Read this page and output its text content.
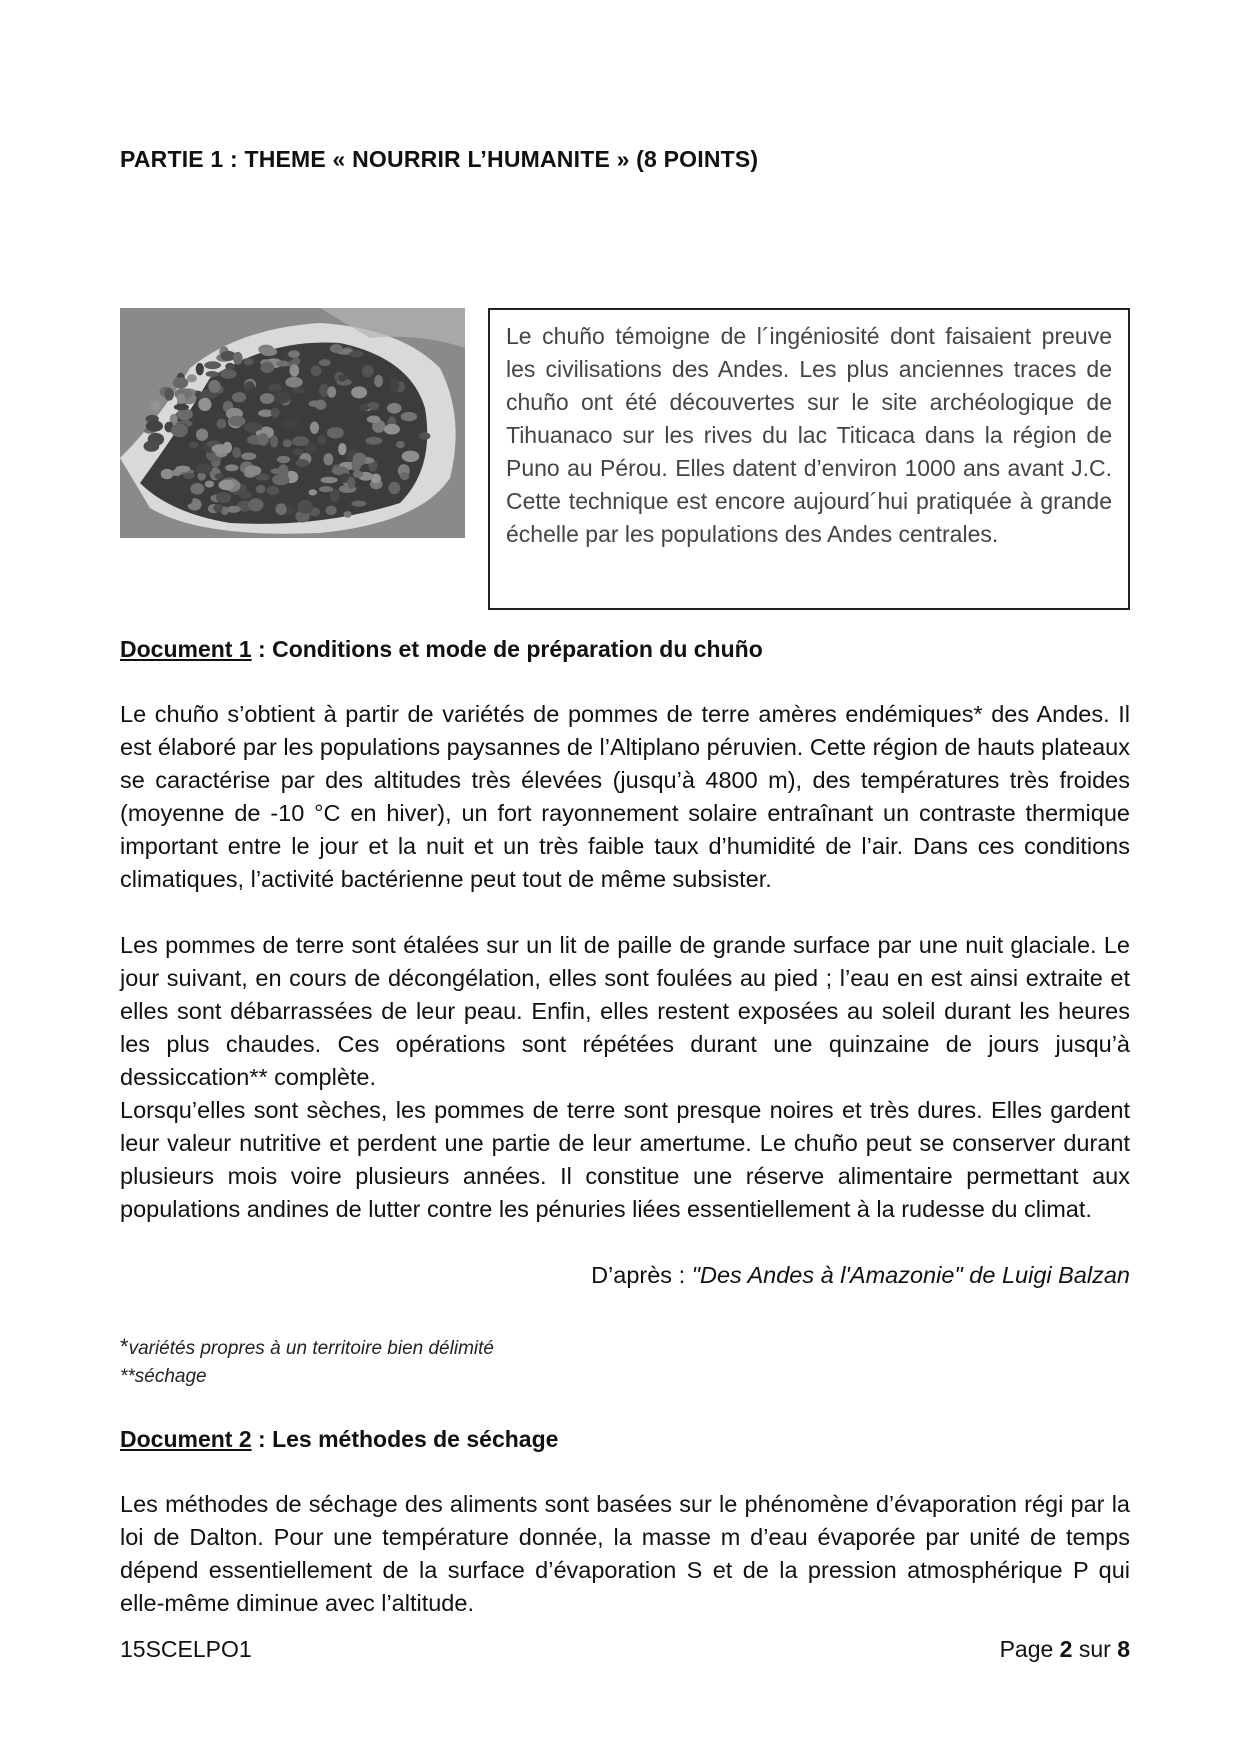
PARTIE 1 : THEME « NOURRIR L’HUMANITE » (8 POINTS)

Le chuño témoigne de l´ingéniosité dont faisaient preuve les civilisations des Andes. Les plus anciennes traces de chuño ont été découvertes sur le site archéologique de Tihuanaco sur les rives du lac Titicaca dans la région de Puno au Pérou. Elles datent d’environ 1000 ans avant J.C. Cette technique est encore aujourd´hui pratiquée à grande échelle par les populations des Andes centrales.

Document 1 : Conditions et mode de préparation du chuño

Le chuño s’obtient à partir de variétés de pommes de terre amères endémiques* des Andes. Il est élaboré par les populations paysannes de l’Altiplano péruvien. Cette région de hauts plateaux se caractérise par des altitudes très élevées (jusqu’à 4800 m), des températures très froides (moyenne de -10 °C en hiver), un fort rayonnement solaire entraînant un contraste thermique important entre le jour et la nuit et un très faible taux d’humidité de l’air. Dans ces conditions climatiques, l’activité bactérienne peut tout de même subsister.

Les pommes de terre sont étalées sur un lit de paille de grande surface par une nuit glaciale. Le jour suivant, en cours de décongélation, elles sont foulées au pied ; l’eau en est ainsi extraite et elles sont débarrassées de leur peau. Enfin, elles restent exposées au soleil durant les heures les plus chaudes. Ces opérations sont répétées durant une quinzaine de jours jusqu’à dessiccation** complète.

Lorsqu’elles sont sèches, les pommes de terre sont presque noires et très dures. Elles gardent leur valeur nutritive et perdent une partie de leur amertume. Le chuño peut se conserver durant plusieurs mois voire plusieurs années. Il constitue une réserve alimentaire permettant aux populations andines de lutter contre les pénuries liées essentiellement à la rudesse du climat.

D’après : "Des Andes à l'Amazonie" de Luigi Balzan
*variétés propres à un territoire bien délimité
**séchage
Document 2 : Les méthodes de séchage

Les méthodes de séchage des aliments sont basées sur le phénomène d’évaporation régi par la loi de Dalton. Pour une température donnée, la masse m d’eau évaporée par unité de temps dépend essentiellement de la surface d’évaporation S et de la pression atmosphérique P qui elle-même diminue avec l’altitude.

15SCELPO1	Page 2 sur 8
